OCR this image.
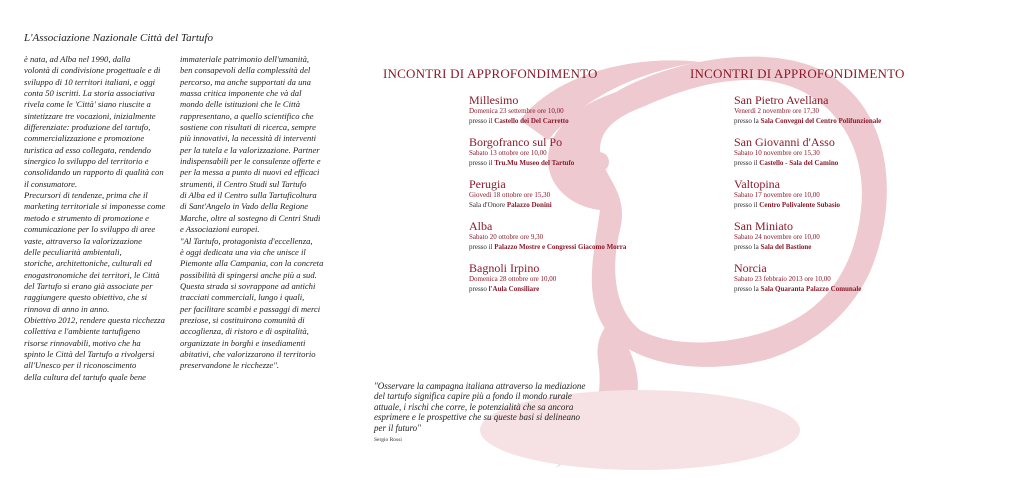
L'Associazione Nazionale Città del Tartufo

è nata, ad Alba nel 1990, dalla

volontà di condivisione progettuale e di

sviluppo di 10 territori italiani, e oggi

conta 50 iscritti. La storia associativa

rivela come le 'Città' siano riuscite a

sintetizzare tre vocazioni, inizialmente

differenziate: produzione del tartufo,

commercializzazione e promozione

turistica ad esso collegata, rendendo

sinergico lo sviluppo del territorio e

consolidando un rapporto di qualità con

il consumatore.

Precursori di tendenze, prima che il

marketing territoriale si imponesse come

metodo e strumento di promozione e

comunicazione per lo sviluppo di aree

vaste, attraverso la valorizzazione

delle peculiarità ambientali,

storiche, architettoniche, culturali ed

enogastronomiche dei territori, le Città

del Tartufo si erano già associate per

raggiungere questo obiettivo, che si

rinnova di anno in anno.

Obiettivo 2012, rendere questa ricchezza

collettiva e l'ambiente tartufigeno

risorse rinnovabili, motivo che ha

spinto le Città del Tartufo a rivolgersi

all'Unesco per il riconoscimento

della cultura del tartufo quale bene

immateriale patrimonio dell'umanità,

ben consapevoli della complessità del

percorso, ma anche supportati da una

massa critica imponente che và dal

mondo delle istituzioni che le Città

rappresentano, a quello scientifico che

sostiene con risultati di ricerca, sempre

più innovativi, la necessità di interventi

per la tutela e la valorizzazione. Partner

indispensabili per le consulenze offerte e

per la messa a punto di nuovi ed efficaci

strumenti, il Centro Studi sul Tartufo

di Alba ed il Centro sulla Tartuficoltura

di Sant'Angelo in Vado della Regione

Marche, oltre al sostegno di Centri Studi

e Associazioni europei.

"Al Tartufo, protagonista d'eccellenza,

è oggi dedicata una via che unisce il

Piemonte alla Campania, con la concreta

possibilità di spingersi anche più a sud.

Questa strada si sovrappone ad antichi

tracciati commerciali, lungo i quali,

per facilitare scambi e passaggi di merci

preziose, si costituirono comunità di

accoglienza, di ristoro e di ospitalità,

organizzate in borghi e insediamenti

abitativi, che valorizzarono il territorio

preservandone le ricchezze".

INCONTRI DI APPROFONDIMENTO	INCONTRI DI APPROFONDIMENTO
Millesimo
Domenica 23 settembre ore 10,00
presso il Castello dei Del Carretto
Borgofranco sul Po
Sabato 13 ottobre ore 10,00
presso il Tru.Mu Museo del Tartufo
Perugia
Giovedì 18 ottobre ore 15,30
Sala d'Onore Palazzo Donini
Alba
Sabato 20 ottobre ore 9,30
presso il Palazzo Mostre e Congressi Giacomo Morra
Bagnoli Irpino
Domenica 28 ottobre ore 10,00
presso l'Aula Consiliare
San Pietro Avellana
Venerdì 2 novembre ore 17,30
presso la Sala Convegni del Centro Polifunzionale
San Giovanni d'Asso
Sabato 10 novembre ore 15,30
presso il Castello - Sala del Camino
Valtopina
Sabato 17 novembre ore 10,00
presso il Centro Polivalente Subasio
San Miniato
Sabato 24 novembre ore 10,00
presso la Sala del Bastione
Norcia
Sabato 23 febbraio 2013 ore 10,00
presso la Sala Quaranta Palazzo Comunale

"Osservare la campagna italiana attraverso la mediazione
del tartufo significa capire più a fondo il mondo rurale
attuale, i rischi che corre, le potenzialità che sa ancora
esprimere e le prospettive che su queste basi si delineano
per il futuro"

Sergio Rossi
